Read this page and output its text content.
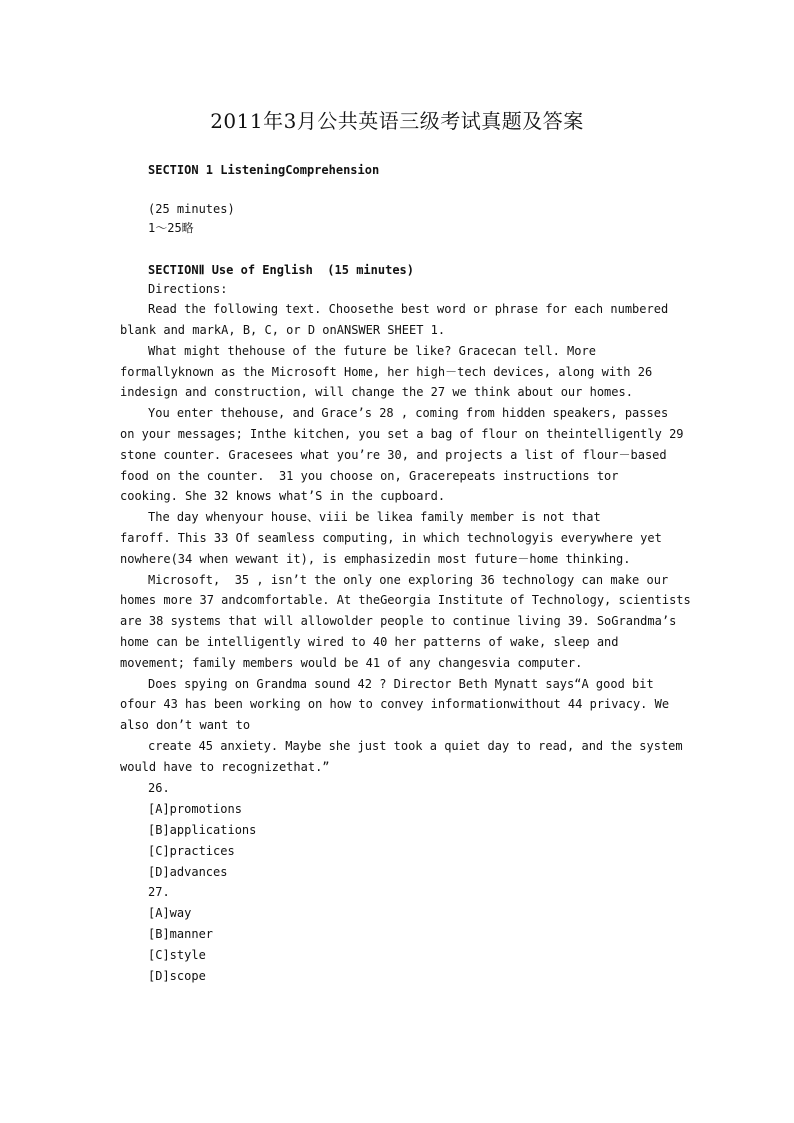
2011年3月公共英语三级考试真题及答案
SECTION 1 ListeningComprehension
(25 minutes)
1～25略
SECTIONⅡ Use of English  (15 minutes)
Directions:
Read the following text. Choosethe best word or phrase for each numbered
blank and markA, B, C, or D onANSWER SHEET 1.
What might thehouse of the future be like? Gracecan tell. More
formallyknown as the Microsoft Home, her high－tech devices, along with 26
indesign and construction, will change the 27 we think about our homes.
You enter thehouse, and Grace’s 28 , coming from hidden speakers, passes
on your messages; Inthe kitchen, you set a bag of flour on theintelligently 29
stone counter. Gracesees what you’re 30, and projects a list of flour－based
food on the counter.  31 you choose on, Gracerepeats instructions tor
cooking. She 32 knows what’S in the cupboard.
The day whenyour house、viii be likea family member is not that
faroff. This 33 Of seamless computing, in which technologyis everywhere yet
nowhere(34 when wewant it), is emphasizedin most future－home thinking.
Microsoft,  35 , isn’t the only one exploring 36 technology can make our
homes more 37 andcomfortable. At theGeorgia Institute of Technology, scientists
are 38 systems that will allowolder people to continue living 39. SoGrandma’s
home can be intelligently wired to 40 her patterns of wake, sleep and
movement; family members would be 41 of any changesvia computer.
Does spying on Grandma sound 42 ? Director Beth Mynatt says“A good bit
ofour 43 has been working on how to convey informationwithout 44 privacy. We
also don’t want to
create 45 anxiety. Maybe she just took a quiet day to read, and the system
would have to recognizethat.”
26.
[A]promotions
[B]applications
[C]practices
[D]advances
27.
[A]way
[B]manner
[C]style
[D]scope
